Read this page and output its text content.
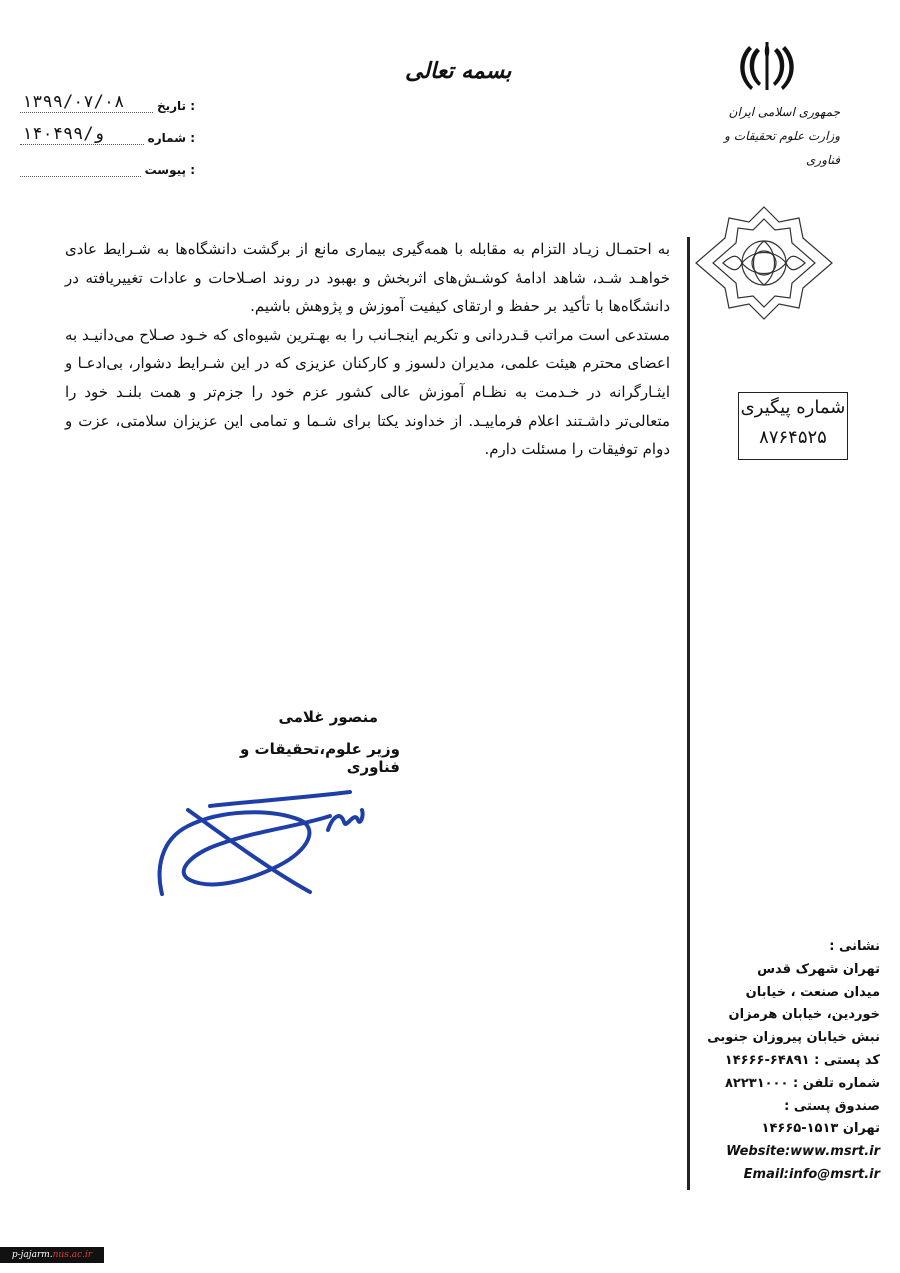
بسمه تعالی
تاریخ :
۱۳۹۹/۰۷/۰۸
شماره :
۱۴۰۴۹۹/و
پیوست :
جمهوری اسلامی ایران
وزارت علوم تحقیقات و فناوری

به احتمـال زیـاد التزام به مقابله با همه‌گیری بیماری مانع از برگشت دانشگاه‌ها به شـرایط عادی خواهـد شـد، شاهد ادامهٔ کوشـش‌های اثربخش و بهبود در روند اصـلاحات و عادات تغییریافته در دانشگاه‌ها با تأکید بر حفظ و ارتقای کیفیت آموزش و پژوهش باشیم.

مستدعی است مراتب قـدردانی و تکریم اینجـانب را به بهـترین شیوه‌ای که خـود صـلاح می‌دانیـد به اعضای محترم هیئت علمی، مدیران دلسوز و کارکنان عزیزی که در این شـرایط دشوار، بی‌ادعـا و ایثـارگرانه در خـدمت به نظـام آموزش عالی کشور عزم خود را جزم‌تر و همت بلنـد خود را متعالی‌تر داشـتند اعلام فرماییـد. از خداوند یکتا برای شـما و تمامی این عزیزان سلامتی، عزت و دوام توفیقات را مسئلت دارم.

شماره پیگیری
۸۷۶۴۵۲۵
منصور غلامی
وزیر علوم،تحقیقات و فناوری
نشانی :
تهران شهرک قدس
میدان صنعت ، خیابان
خوردین، خیابان هرمزان
نبش خیابان پیروزان جنوبی
کد پستی : ۶۴۸۹۱-۱۴۶۶۶
شماره تلفن : ۸۲۲۳۱۰۰۰
صندوق پستی :
تهران ۱۵۱۳-۱۴۶۶۵
Website:www.msrt.ir
Email:info@msrt.ir
p-jajarm.nus.ac.ir
